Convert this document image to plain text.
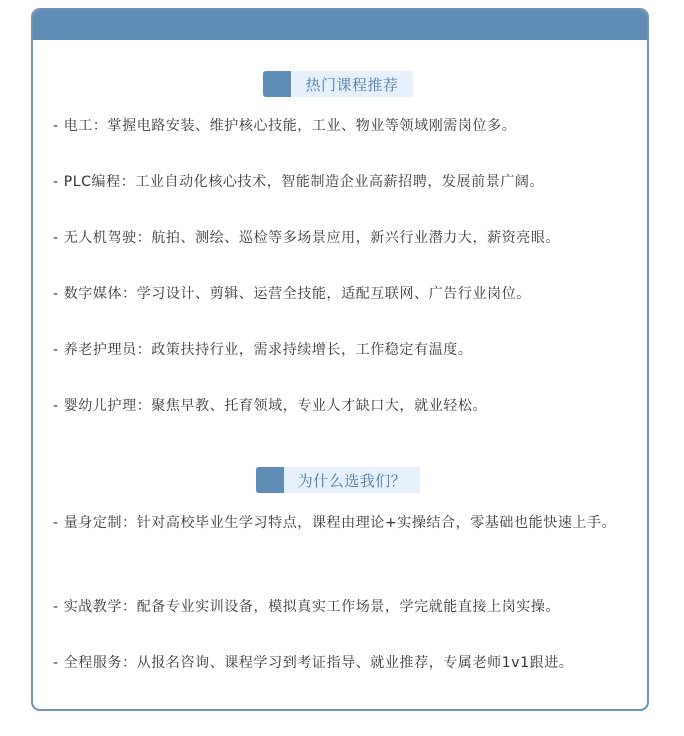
热门课程推荐
- 电工：掌握电路安装、维护核心技能，工业、物业等领域刚需岗位多。
- PLC编程：工业自动化核心技术，智能制造企业高薪招聘，发展前景广阔。
- 无人机驾驶：航拍、测绘、巡检等多场景应用，新兴行业潜力大，薪资亮眼。
- 数字媒体：学习设计、剪辑、运营全技能，适配互联网、广告行业岗位。
- 养老护理员：政策扶持行业，需求持续增长，工作稳定有温度。
- 婴幼儿护理：聚焦早教、托育领域，专业人才缺口大，就业轻松。
为什么选我们？
- 量身定制：针对高校毕业生学习特点，课程由理论+实操结合，零基础也能快速上手。
- 实战教学：配备专业实训设备，模拟真实工作场景，学完就能直接上岗实操。
- 全程服务：从报名咨询、课程学习到考证指导、就业推荐，专属老师1v1跟进。
